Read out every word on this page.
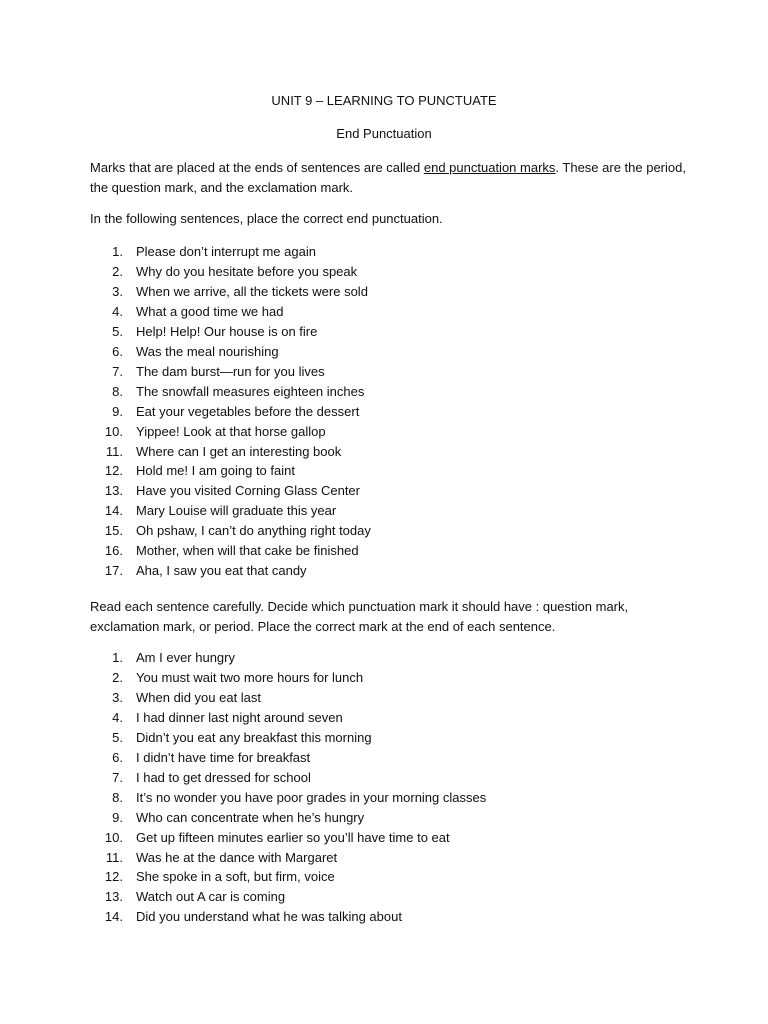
UNIT 9 – LEARNING TO PUNCTUATE
End Punctuation
Marks that are placed at the ends of sentences are called end punctuation marks. These are the period, the question mark, and the exclamation mark.
In the following sentences, place the correct end punctuation.
1. Please don’t interrupt me again
2. Why do you hesitate before you speak
3. When we arrive, all the tickets were sold
4. What a good time we had
5. Help! Help! Our house is on fire
6. Was the meal nourishing
7. The dam burst—run for you lives
8. The snowfall measures eighteen inches
9. Eat your vegetables before the dessert
10. Yippee! Look at that horse gallop
11. Where can I get an interesting book
12. Hold me! I am going to faint
13. Have you visited Corning Glass Center
14. Mary Louise will graduate this year
15. Oh pshaw, I can’t do anything right today
16. Mother, when will that cake be finished
17. Aha, I saw you eat that candy
Read each sentence carefully. Decide which punctuation mark it should have : question mark, exclamation mark, or period. Place the correct mark at the end of each sentence.
1. Am I ever hungry
2. You must wait two more hours for lunch
3. When did you eat last
4. I had dinner last night around seven
5. Didn’t you eat any breakfast this morning
6. I didn’t have time for breakfast
7. I had to get dressed for school
8. It’s no wonder you have poor grades in your morning classes
9. Who can concentrate when he’s hungry
10. Get up fifteen minutes earlier so you’ll have time to eat
11. Was he at the dance with Margaret
12. She spoke in a soft, but firm, voice
13. Watch out A car is coming
14. Did you understand what he was talking about
